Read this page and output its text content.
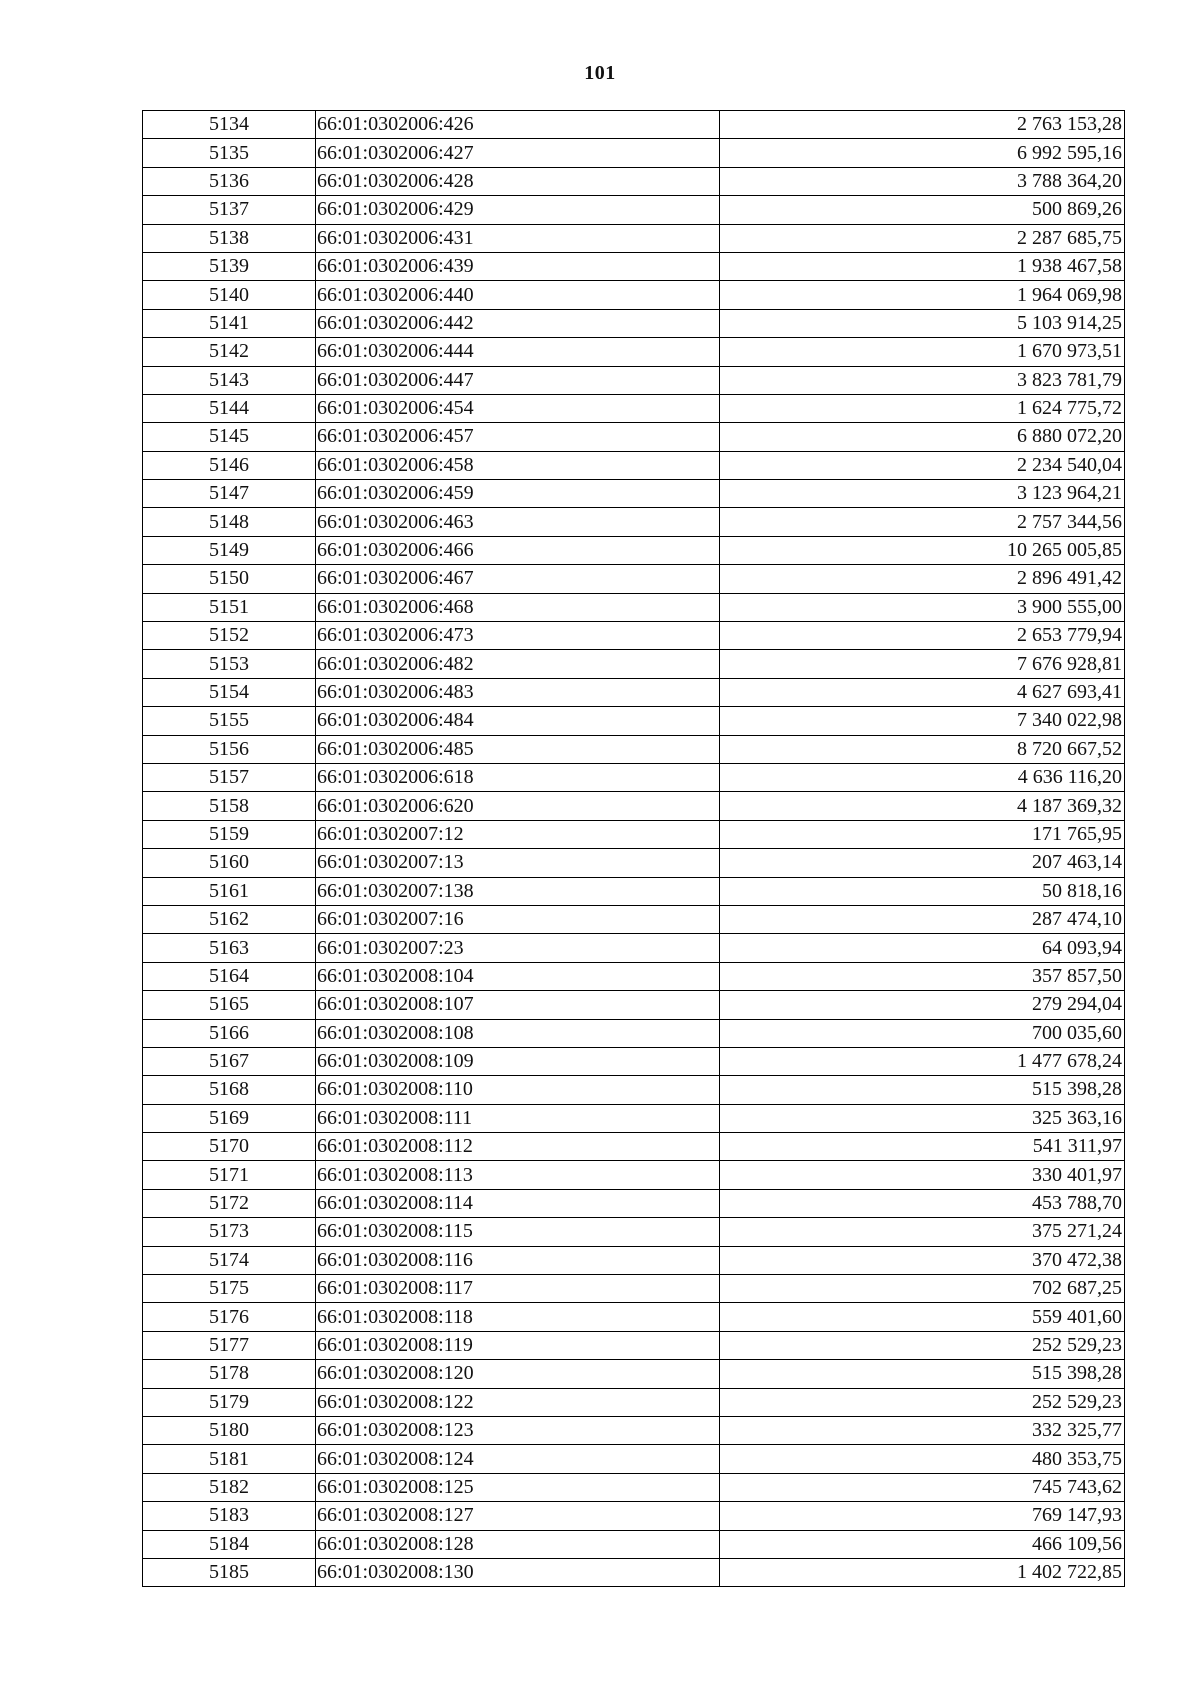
101
5134	66:01:0302006:426	2 763 153,28
5135	66:01:0302006:427	6 992 595,16
5136	66:01:0302006:428	3 788 364,20
5137	66:01:0302006:429	500 869,26
5138	66:01:0302006:431	2 287 685,75
5139	66:01:0302006:439	1 938 467,58
5140	66:01:0302006:440	1 964 069,98
5141	66:01:0302006:442	5 103 914,25
5142	66:01:0302006:444	1 670 973,51
5143	66:01:0302006:447	3 823 781,79
5144	66:01:0302006:454	1 624 775,72
5145	66:01:0302006:457	6 880 072,20
5146	66:01:0302006:458	2 234 540,04
5147	66:01:0302006:459	3 123 964,21
5148	66:01:0302006:463	2 757 344,56
5149	66:01:0302006:466	10 265 005,85
5150	66:01:0302006:467	2 896 491,42
5151	66:01:0302006:468	3 900 555,00
5152	66:01:0302006:473	2 653 779,94
5153	66:01:0302006:482	7 676 928,81
5154	66:01:0302006:483	4 627 693,41
5155	66:01:0302006:484	7 340 022,98
5156	66:01:0302006:485	8 720 667,52
5157	66:01:0302006:618	4 636 116,20
5158	66:01:0302006:620	4 187 369,32
5159	66:01:0302007:12	171 765,95
5160	66:01:0302007:13	207 463,14
5161	66:01:0302007:138	50 818,16
5162	66:01:0302007:16	287 474,10
5163	66:01:0302007:23	64 093,94
5164	66:01:0302008:104	357 857,50
5165	66:01:0302008:107	279 294,04
5166	66:01:0302008:108	700 035,60
5167	66:01:0302008:109	1 477 678,24
5168	66:01:0302008:110	515 398,28
5169	66:01:0302008:111	325 363,16
5170	66:01:0302008:112	541 311,97
5171	66:01:0302008:113	330 401,97
5172	66:01:0302008:114	453 788,70
5173	66:01:0302008:115	375 271,24
5174	66:01:0302008:116	370 472,38
5175	66:01:0302008:117	702 687,25
5176	66:01:0302008:118	559 401,60
5177	66:01:0302008:119	252 529,23
5178	66:01:0302008:120	515 398,28
5179	66:01:0302008:122	252 529,23
5180	66:01:0302008:123	332 325,77
5181	66:01:0302008:124	480 353,75
5182	66:01:0302008:125	745 743,62
5183	66:01:0302008:127	769 147,93
5184	66:01:0302008:128	466 109,56
5185	66:01:0302008:130	1 402 722,85
